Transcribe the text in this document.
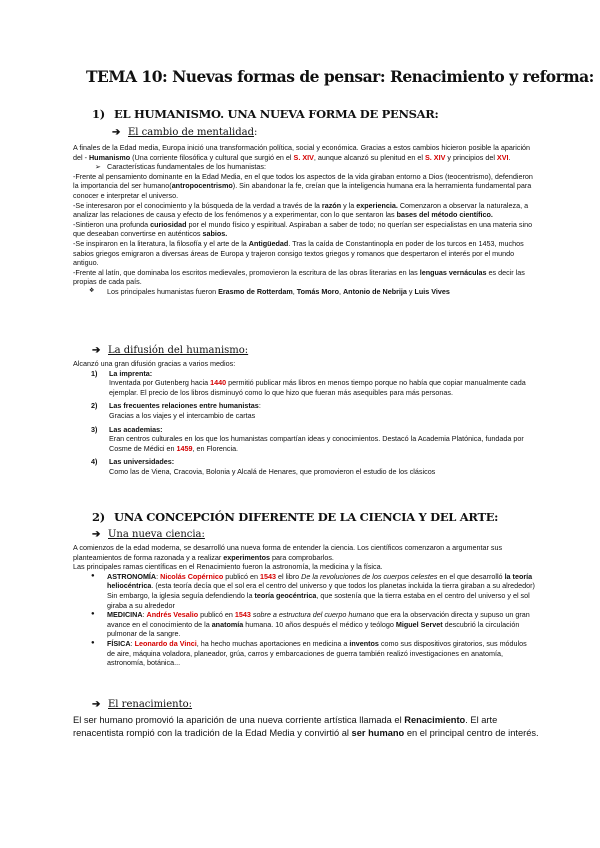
TEMA 10: Nuevas formas de pensar: Renacimiento y reforma:
1) EL HUMANISMO. UNA NUEVA FORMA DE PENSAR:
➔ El cambio de mentalidad:

A finales de la Edad media, Europa inició una transformación política, social y económica. Gracias a estos cambios hicieron posible la aparición del - Humanismo (Una corriente filosófica y cultural que surgió en el S. XIV, aunque alcanzó su plenitud en el S. XIV y principios del XVI.

➢ Características fundamentales de los humanistas:

-Frente al pensamiento dominante en la Edad Media, en el que todos los aspectos de la vida giraban entorno a Dios (teocentrismo), defendieron la importancia del ser humano(antropocentrismo). Sin abandonar la fe, creían que la inteligencia humana era la herramienta fundamental para conocer e interpretar el universo.

-Se interesaron por el conocimiento y la búsqueda de la verdad a través de la razón y la experiencia. Comenzaron a observar la naturaleza, a analizar las relaciones de causa y efecto de los fenómenos y a experimentar, con lo que sentaron las bases del método científico.

-Sintieron una profunda curiosidad por el mundo físico y espiritual. Aspiraban a saber de todo; no querían ser especialistas en una materia sino que deseaban convertirse en auténticos sabios.

-Se inspiraron en la literatura, la filosofía y el arte de la Antigüedad. Tras la caída de Constantinopla en poder de los turcos en 1453, muchos sabios griegos emigraron a diversas áreas de Europa y trajeron consigo textos griegos y romanos que despertaron el interés por el mundo antiguo.

-Frente al latín, que dominaba los escritos medievales, promovieron la escritura de las obras literarias en las lenguas vernáculas es decir las propias de cada país.

❖ Los principales humanistas fueron Erasmo de Rotterdam, Tomás Moro, Antonio de Nebrija y Luis Vives

➔ La difusión del humanismo:

Alcanzó una gran difusión gracias a varios medios:

1) La imprenta:
Inventada por Gutenberg hacia 1440 permitió publicar más libros en menos tiempo porque no había que copiar manualmente cada ejemplar. El precio de los libros disminuyó como lo que hizo que fueran más asequibles para más personas.
2) Las frecuentes relaciones entre humanistas:
Gracias a los viajes y el intercambio de cartas
3) Las academias:
Eran centros culturales en los que los humanistas compartían ideas y conocimientos. Destacó la Academia Platónica, fundada por Cosme de Médici en 1459, en Florencia.
4) Las universidades:
Como las de Viena, Cracovia, Bolonia y Alcalá de Henares, que promovieron el estudio de los clásicos
2) UNA CONCEPCIÓN DIFERENTE DE LA CIENCIA Y DEL ARTE:
➔ Una nueva ciencia:

A comienzos de la edad moderna, se desarrolló una nueva forma de entender la ciencia. Los científicos comenzaron a argumentar sus planteamientos de forma razonada y a realizar experimentos para comprobarlos.

Las principales ramas científicas en el Renacimiento fueron la astronomía, la medicina y la física.

● ASTRONOMÍA: Nicolás Copérnico publicó en 1543 el libro De la revoluciones de los cuerpos celestes en el que desarrolló la teoría heliocéntrica. (esta teoría decía que el sol era el centro del universo y que todos los planetas incluida la tierra giraban a su alrededor) Sin embargo, la iglesia seguía defendiendo la teoría geocéntrica, que sostenía que la tierra estaba en el centro del universo y el sol giraba a su alrededor
● MEDICINA: Andrés Vesalio publicó en 1543 sobre a estructura del cuerpo humano que era la observación directa y supuso un gran avance en el conocimiento de la anatomía humana. 10 años después el médico y teólogo Miguel Servet descubrió la circulación pulmonar de la sangre.
● FÍSICA: Leonardo da Vinci, ha hecho muchas aportaciones en medicina a inventos como sus dispositivos giratorios, sus módulos de aire, máquina voladora, planeador, grúa, carros y embarcaciones de guerra también realizó investigaciones en anatomía, astronomía, botánica...
➔ El renacimiento:

El ser humano promovió la aparición de una nueva corriente artística llamada el Renacimiento. El arte renacentista rompió con la tradición de la Edad Media y convirtió al ser humano en el principal centro de interés.
